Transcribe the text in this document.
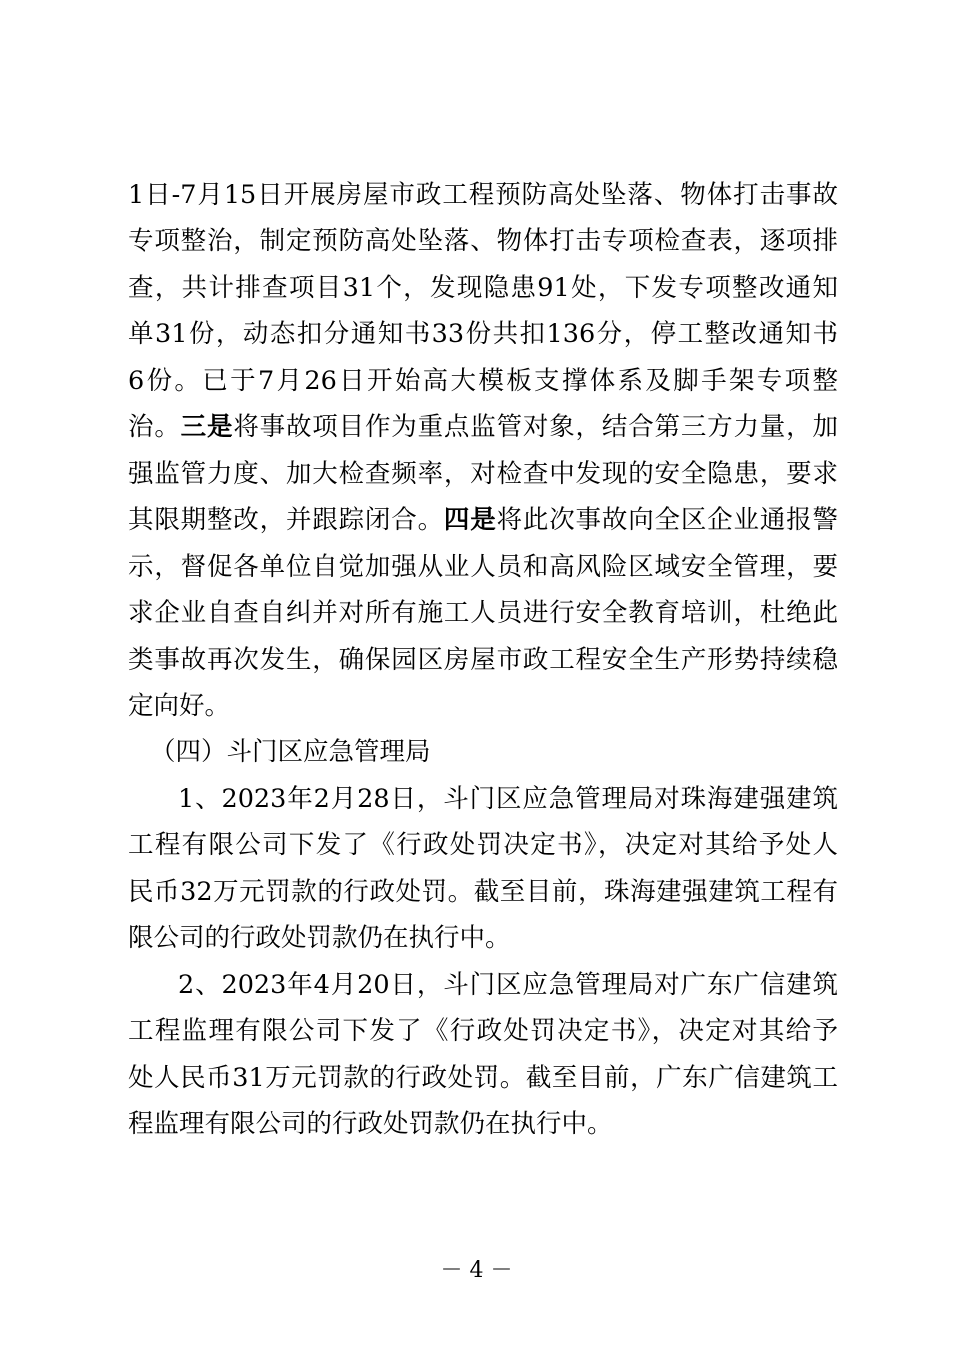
1日-7月15日开展房屋市政工程预防高处坠落、物体打击事故
专项整治，制定预防高处坠落、物体打击专项检查表，逐项排
查，共计排查项目31个，发现隐患91处，下发专项整改通知
单31份，动态扣分通知书33份共扣136分，停工整改通知书
6份。已于7月26日开始高大模板支撑体系及脚手架专项整
治。三是将事故项目作为重点监管对象，结合第三方力量，加
强监管力度、加大检查频率，对检查中发现的安全隐患，要求
其限期整改，并跟踪闭合。四是将此次事故向全区企业通报警
示，督促各单位自觉加强从业人员和高风险区域安全管理，要
求企业自查自纠并对所有施工人员进行安全教育培训，杜绝此
类事故再次发生，确保园区房屋市政工程安全生产形势持续稳
定向好。
（四）斗门区应急管理局
1、2023年2月28日，斗门区应急管理局对珠海建强建筑
工程有限公司下发了《行政处罚决定书》，决定对其给予处人
民币32万元罚款的行政处罚。截至目前，珠海建强建筑工程有
限公司的行政处罚款仍在执行中。
2、2023年4月20日，斗门区应急管理局对广东广信建筑
工程监理有限公司下发了《行政处罚决定书》，决定对其给予
处人民币31万元罚款的行政处罚。截至目前，广东广信建筑工
程监理有限公司的行政处罚款仍在执行中。
－ 4 －
